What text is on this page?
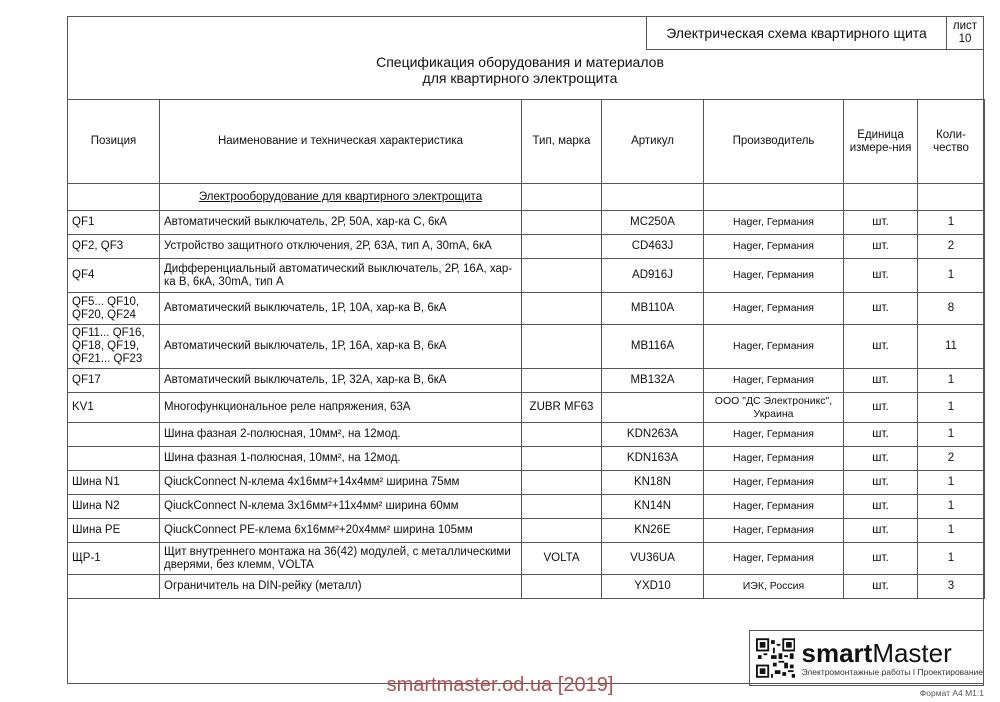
Электрическая схема квартирного щита	лист
10
Спецификация оборудования и материалов
для квартирного электрощита
Позиция	Наименование и техническая характеристика	Тип, марка	Артикул	Производитель	Единица измере-ния	Коли-чество
	Электрооборудование для квартирного электрощита					
QF1	Автоматический выключатель, 2Р, 50А, хар-ка С, 6кА		MC250A	Hager, Германия	шт.	1
QF2, QF3	Устройство защитного отключения, 2Р, 63А, тип А, 30mA, 6кА		CD463J	Hager, Германия	шт.	2
QF4	Дифференциальный автоматический выключатель, 2Р, 16А, хар-ка В, 6кА, 30mA, тип А		AD916J	Hager, Германия	шт.	1
QF5... QF10, QF20, QF24	Автоматический выключатель, 1Р, 10А, хар-ка В, 6кА		MB110A	Hager, Германия	шт.	8
QF11... QF16, QF18, QF19, QF21... QF23	Автоматический выключатель, 1Р, 16А, хар-ка В, 6кА		MB116A	Hager, Германия	шт.	11
QF17	Автоматический выключатель, 1Р, 32А, хар-ка В, 6кА		MB132A	Hager, Германия	шт.	1
KV1	Многофункциональное реле напряжения, 63А	ZUBR MF63		ООО "ДС Электроникс", Украина	шт.	1
	Шина фазная 2-полюсная, 10мм², на 12мод.		KDN263A	Hager, Германия	шт.	1
	Шина фазная 1-полюсная, 10мм², на 12мод.		KDN163A	Hager, Германия	шт.	2
Шина N1	QiuckConnect N-клема 4х16мм²+14х4мм² ширина 75мм		KN18N	Hager, Германия	шт.	1
Шина N2	QiuckConnect N-клема 3х16мм²+11х4мм² ширина 60мм		KN14N	Hager, Германия	шт.	1
Шина PE	QiuckConnect PE-клема 6х16мм²+20х4мм² ширина 105мм		KN26E	Hager, Германия	шт.	1
ЩР-1	Щит внутреннего монтажа на 36(42) модулей, с металлическими дверями, без клемм, VOLTA	VOLTA	VU36UA	Hager, Германия	шт.	1
	Ограничитель на DIN-рейку (металл)		YXD10	ИЭК, Россия	шт.	3
smartMaster
Электромонтажные работы I Проектирование
smartmaster.od.ua [2019]	Формат А4 М1:1
